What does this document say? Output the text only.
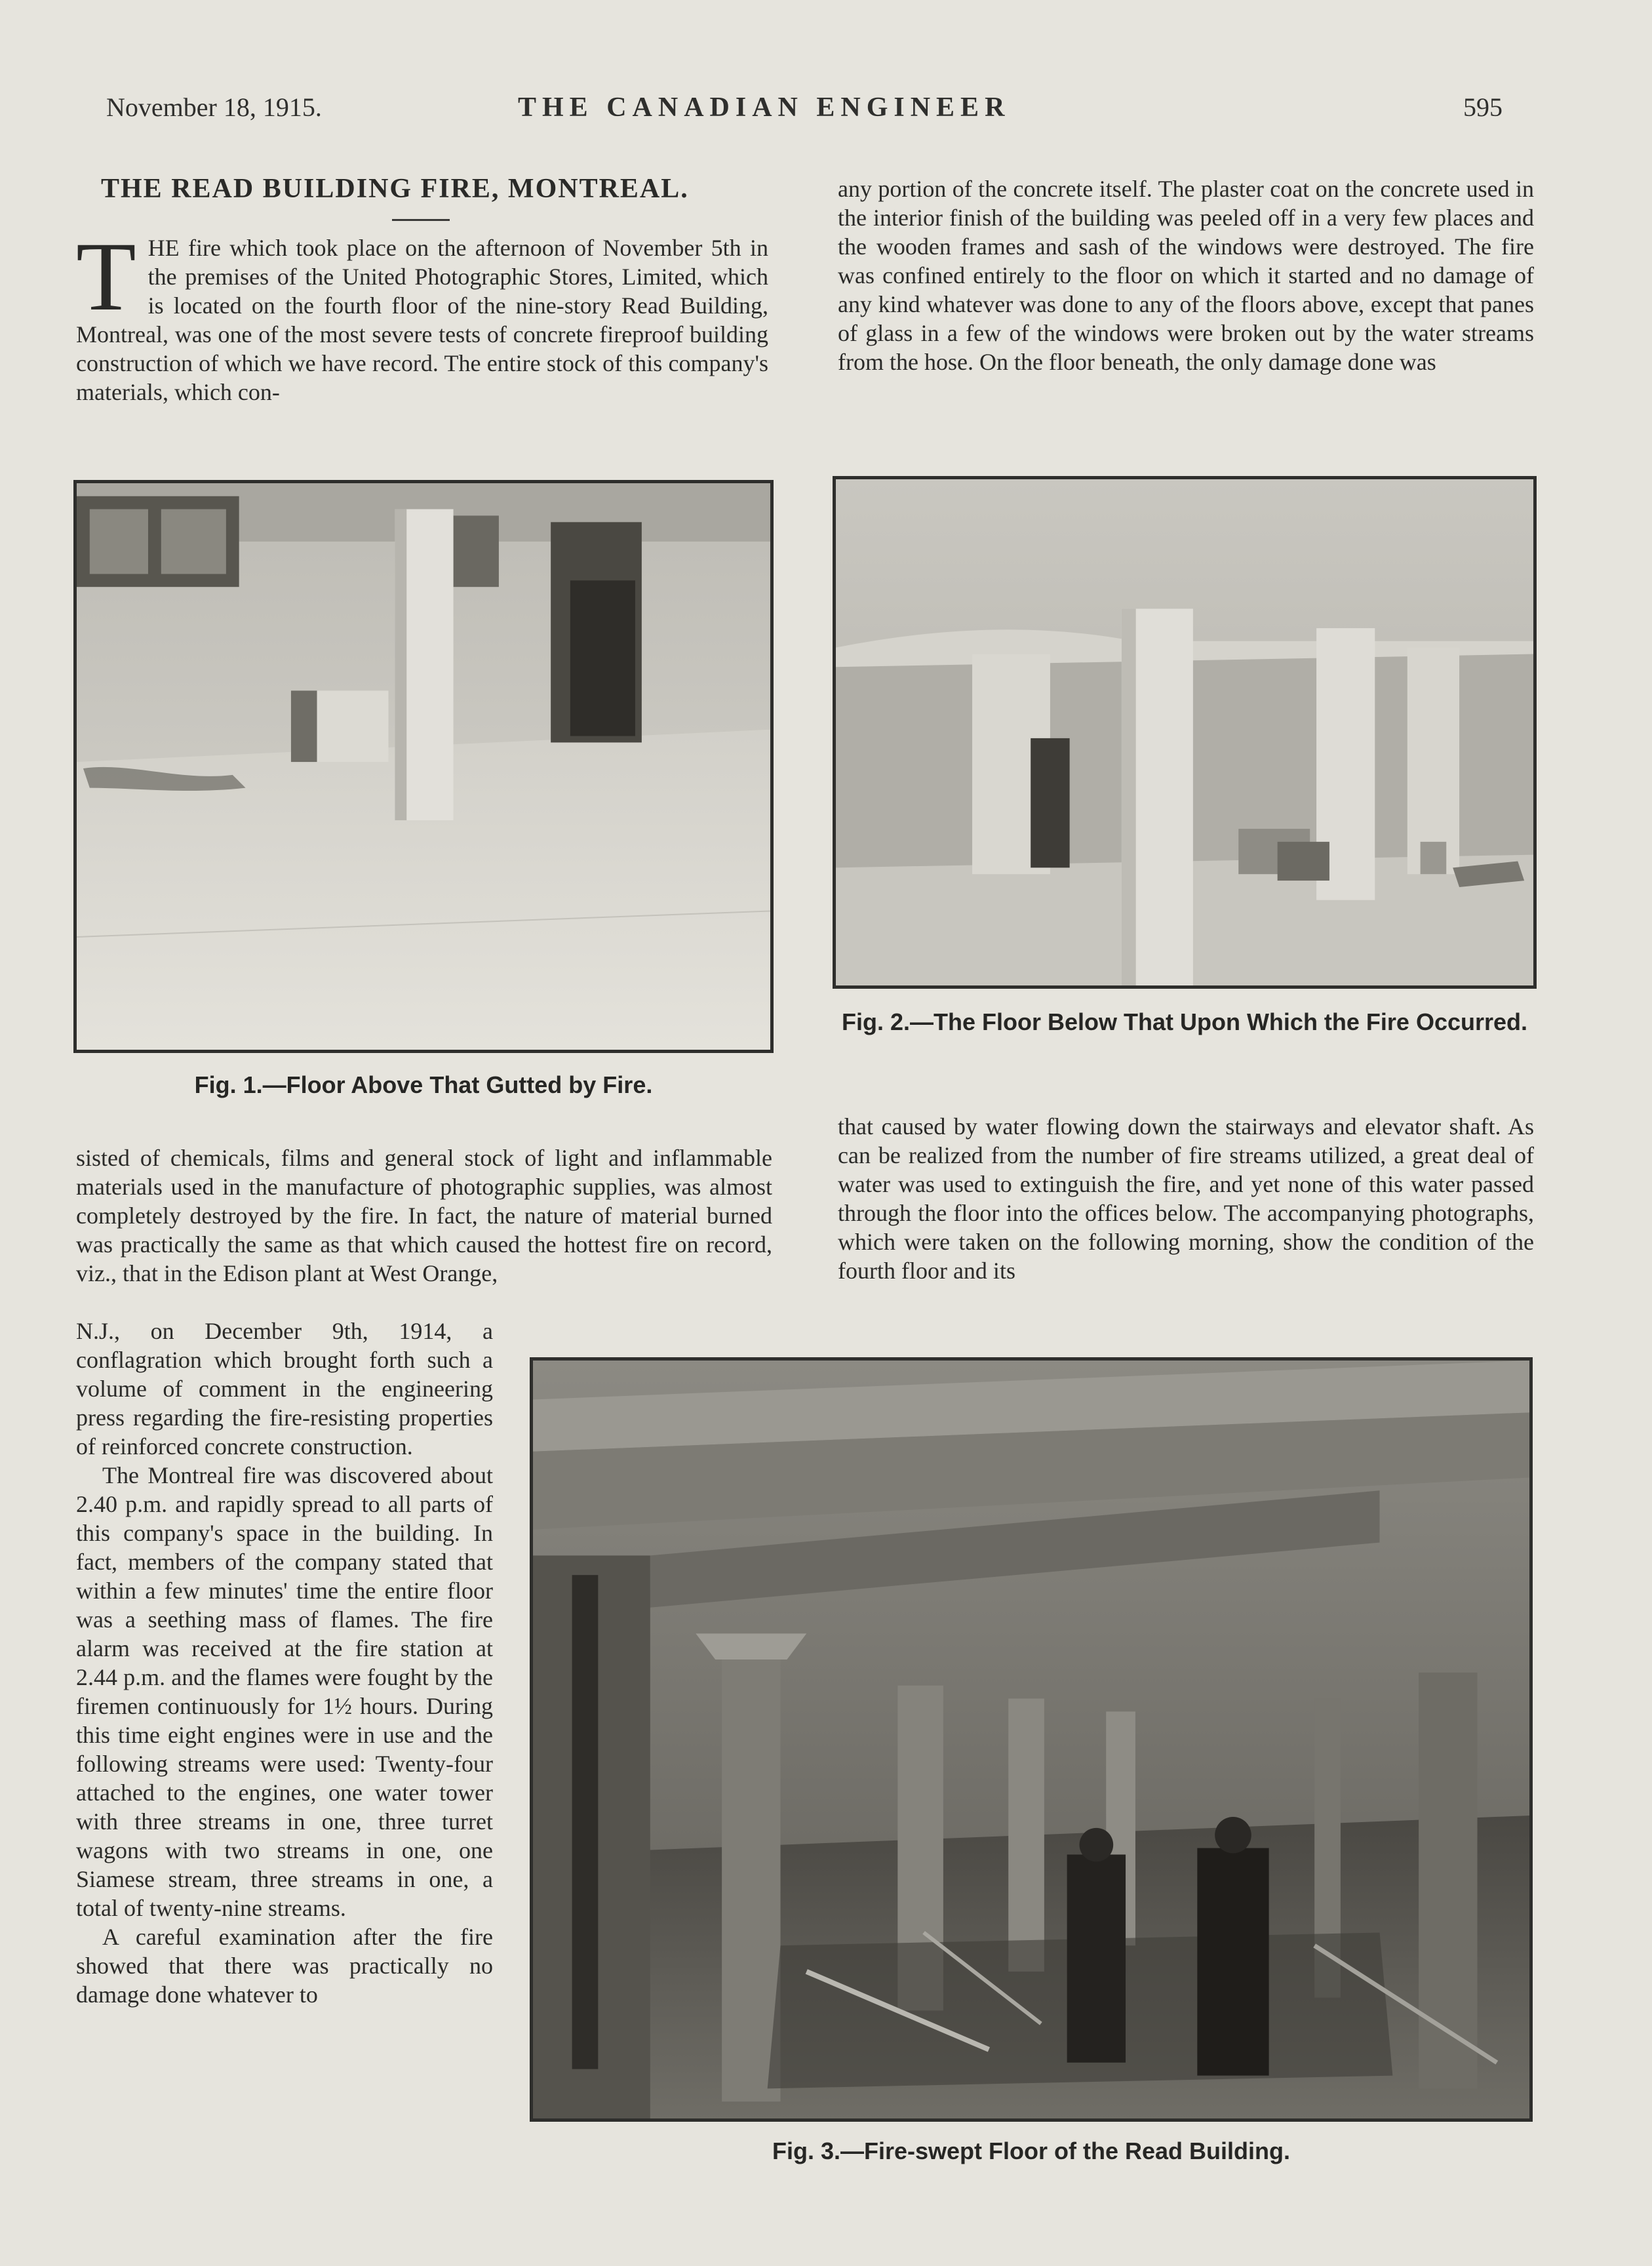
November 18, 1915.	THE CANADIAN ENGINEER	595
THE READ BUILDING FIRE, MONTREAL.
T HE fire which took place on the afternoon of November 5th in the premises of the United Photographic Stores, Limited, which is located on the fourth floor of the nine-story Read Building, Montreal, was one of the most severe tests of concrete fireproof building construction of which we have record. The entire stock of this company's materials, which con-
any portion of the concrete itself. The plaster coat on the concrete used in the interior finish of the building was peeled off in a very few places and the wooden frames and sash of the windows were destroyed. The fire was confined entirely to the floor on which it started and no damage of any kind whatever was done to any of the floors above, except that panes of glass in a few of the windows were broken out by the water streams from the hose. On the floor beneath, the only damage done was
Fig. 1.—Floor Above That Gutted by Fire.
Fig. 2.—The Floor Below That Upon Which the Fire Occurred.
sisted of chemicals, films and general stock of light and inflammable materials used in the manufacture of photographic supplies, was almost completely destroyed by the fire. In fact, the nature of material burned was practically the same as that which caused the hottest fire on record, viz., that in the Edison plant at West Orange,
that caused by water flowing down the stairways and elevator shaft. As can be realized from the number of fire streams utilized, a great deal of water was used to extinguish the fire, and yet none of this water passed through the floor into the offices below. The accompanying photographs, which were taken on the following morning, show the condition of the fourth floor and its

N.J., on December 9th, 1914, a conflagration which brought forth such a volume of comment in the engineering press regarding the fire-resisting properties of reinforced concrete construction.

The Montreal fire was discovered about 2.40 p.m. and rapidly spread to all parts of this company's space in the building. In fact, members of the company stated that within a few minutes' time the entire floor was a seething mass of flames. The fire alarm was received at the fire station at 2.44 p.m. and the flames were fought by the firemen continuously for 1½ hours. During this time eight engines were in use and the following streams were used: Twenty-four attached to the engines, one water tower with three streams in one, three turret wagons with two streams in one, one Siamese stream, three streams in one, a total of twenty-nine streams.

A careful examination after the fire showed that there was practically no damage done whatever to

Fig. 3.—Fire-swept Floor of the Read Building.
